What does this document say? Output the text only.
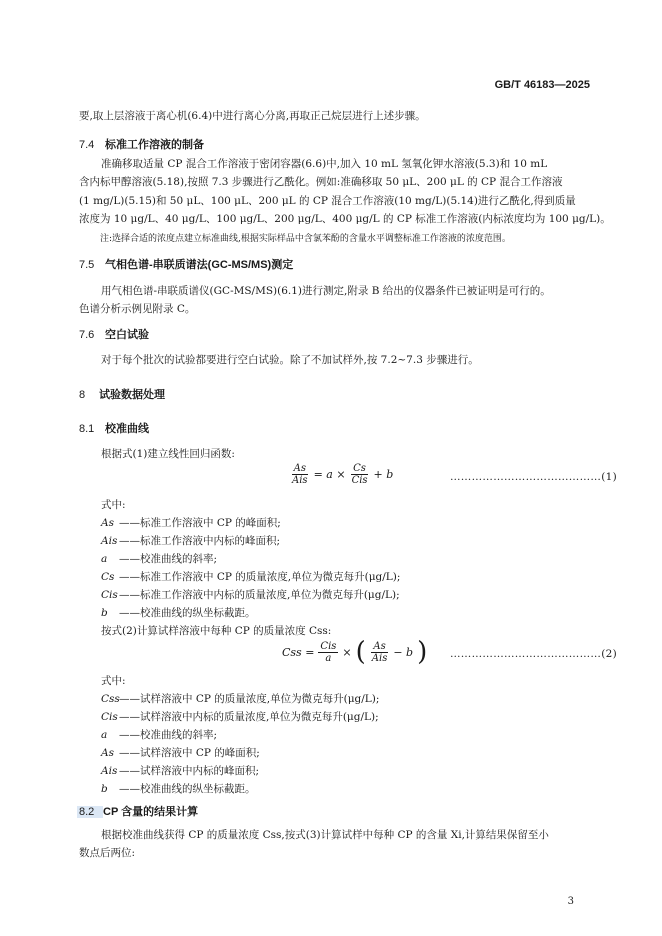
GB/T 46183—2025
要,取上层溶液于离心机(6.4)中进行离心分离,再取正己烷层进行上述步骤。
7.4 标准工作溶液的制备
准确移取适量 CP 混合工作溶液于密闭容器(6.6)中,加入 10 mL 氢氧化钾水溶液(5.3)和 10 mL
含内标甲醇溶液(5.18),按照 7.3 步骤进行乙酰化。例如:准确移取 50 μL、200 μL 的 CP 混合工作溶液
(1 mg/L)(5.15)和 50 μL、100 μL、200 μL 的 CP 混合工作溶液(10 mg/L)(5.14)进行乙酰化,得到质量
浓度为 10 μg/L、40 μg/L、100 μg/L、200 μg/L、400 μg/L 的 CP 标准工作溶液(内标浓度均为 100 μg/L)。
注:选择合适的浓度点建立标准曲线,根据实际样品中含氯苯酚的含量水平调整标准工作溶液的浓度范围。
7.5 气相色谱-串联质谱法(GC-MS/MS)测定
用气相色谱-串联质谱仪(GC-MS/MS)(6.1)进行测定,附录 B 给出的仪器条件已被证明是可行的。
色谱分析示例见附录 C。
7.6 空白试验
对于每个批次的试验都要进行空白试验。除了不加试样外,按 7.2~7.3 步骤进行。
8 试验数据处理
8.1 校准曲线
根据式(1)建立线性回归函数:
$\frac{As}{\text{Ais}} = a \times \frac{Cs}{\text{Cis}} + b$	……………………………………(1)
式中:
As ——标准工作溶液中 CP 的峰面积;
Ais ——标准工作溶液中内标的峰面积;
a ——校准曲线的斜率;
Cs ——标准工作溶液中 CP 的质量浓度,单位为微克每升(μg/L);
Cis——标准工作溶液中内标的质量浓度,单位为微克每升(μg/L);
b ——校准曲线的纵坐标截距。
按式(2)计算试样溶液中每种 CP 的质量浓度 Css:
Css = $\frac{\text{Cis}}{a}$ × ( $\frac{As}{\text{Ais}} - b$ ) ……………………………………(2)
式中:
Css——试样溶液中 CP 的质量浓度,单位为微克每升(μg/L);
Cis——试样溶液中内标的质量浓度,单位为微克每升(μg/L);
a ——校准曲线的斜率;
As ——试样溶液中 CP 的峰面积;
Ais ——试样溶液中内标的峰面积;
b ——校准曲线的纵坐标截距。
8.2 CP 含量的结果计算
根据校准曲线获得 CP 的质量浓度 Css,按式(3)计算试样中每种 CP 的含量 Xi,计算结果保留至小
数点后两位:
3
